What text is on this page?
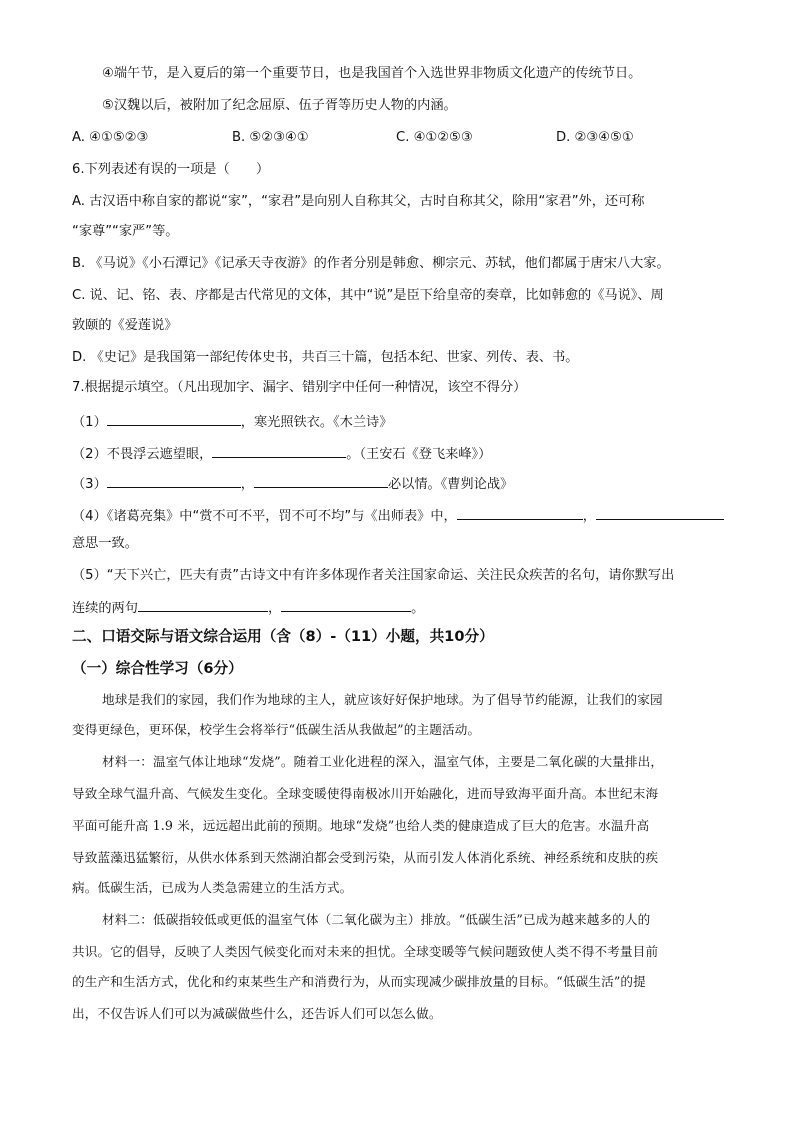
④端午节，是入夏后的第一个重要节日，也是我国首个入选世界非物质文化遗产的传统节日。
⑤汉魏以后，被附加了纪念屈原、伍子胥等历史人物的内涵。
A. ④①⑤②③	B. ⑤②③④①	C. ④①②⑤③	D. ②③④⑤①
6.下列表述有误的一项是（　　）
A. 古汉语中称自家的都说“家”，“家君”是向别人自称其父，古时自称其父，除用“家君”外，还可称
“家尊”“家严”等。
B. 《马说》《小石潭记》《记承天寺夜游》的作者分别是韩愈、柳宗元、苏轼，他们都属于唐宋八大家。
C. 说、记、铭、表、序都是古代常见的文体，其中“说”是臣下给皇帝的奏章，比如韩愈的《马说》、周
敦颐的《爱莲说》
D. 《史记》是我国第一部纪传体史书，共百三十篇，包括本纪、世家、列传、表、书。
7.根据提示填空。（凡出现加字、漏字、错别字中任何一种情况，该空不得分）
（1）	，寒光照铁衣。《木兰诗》
（2）不畏浮云遮望眼，	。（王安石《登飞来峰》）
（3）	，	必以情。《曹刿论战》
（4）《诸葛亮集》中“赏不可不平，罚不可不均”与《出师表》中，	，
意思一致。
（5）“天下兴亡，匹夫有责”古诗文中有许多体现作者关注国家命运、关注民众疾苦的名句，请你默写出
连续的两句	，	。
二、口语交际与语文综合运用（含（8）-（11）小题，共10分）
（一）综合性学习（6分）
地球是我们的家园，我们作为地球的主人，就应该好好保护地球。为了倡导节约能源，让我们的家园
变得更绿色，更环保，校学生会将举行“低碳生活从我做起”的主题活动。
材料一：温室气体让地球“发烧”。随着工业化进程的深入，温室气体，主要是二氧化碳的大量排出，
导致全球气温升高、气候发生变化。全球变暖使得南极冰川开始融化，进而导致海平面升高。本世纪末海
平面可能升高 1.9 米，远远超出此前的预期。地球“发烧”也给人类的健康造成了巨大的危害。水温升高
导致蓝藻迅猛繁衍，从供水体系到天然湖泊都会受到污染，从而引发人体消化系统、神经系统和皮肤的疾
病。低碳生活，已成为人类急需建立的生活方式。
材料二：低碳指较低或更低的温室气体（二氧化碳为主）排放。“低碳生活”已成为越来越多的人的
共识。它的倡导，反映了人类因气候变化而对未来的担忧。全球变暖等气候问题致使人类不得不考量目前
的生产和生活方式，优化和约束某些生产和消费行为，从而实现减少碳排放量的目标。“低碳生活”的提
出，不仅告诉人们可以为减碳做些什么，还告诉人们可以怎么做。
